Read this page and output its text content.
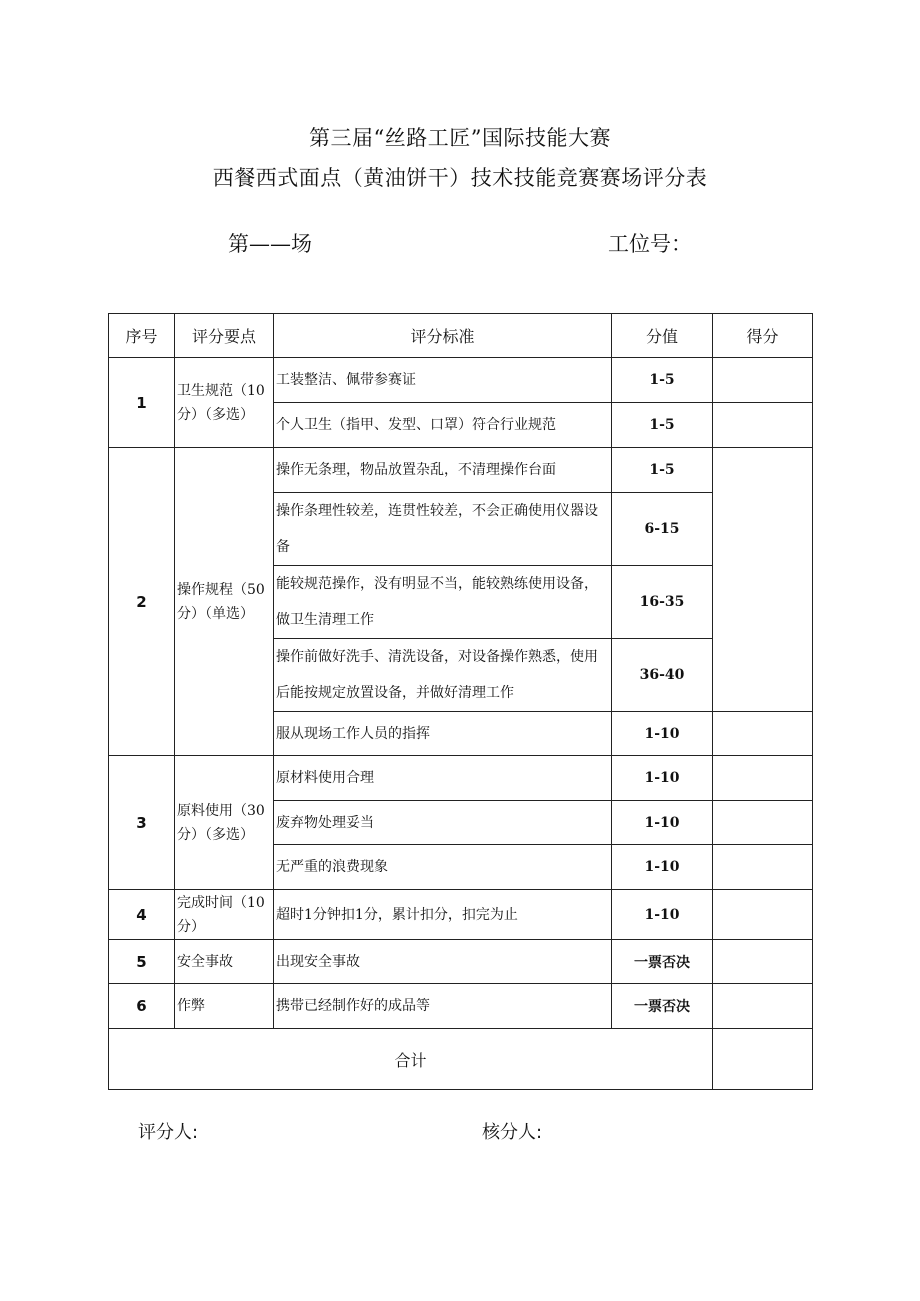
第三届“丝路工匠”国际技能大赛
西餐西式面点（黄油饼干）技术技能竞赛赛场评分表
第——场	工位号：
序号	评分要点	评分标准	分值	得分
1	卫生规范（10分）（多选）	工装整洁、佩带参赛证	1-5	
		个人卫生（指甲、发型、口罩）符合行业规范	1-5	
2	操作规程（50分）（单选）	操作无条理，物品放置杂乱，不清理操作台面	1-5	
		操作条理性较差，连贯性较差，不会正确使用仪器设备	6-15	
		能较规范操作，没有明显不当，能较熟练使用设备，做卫生清理工作	16-35	
		操作前做好洗手、清洗设备，对设备操作熟悉，使用后能按规定放置设备，并做好清理工作	36-40	
		服从现场工作人员的指挥	1-10	
3	原料使用（30分）（多选）	原材料使用合理	1-10	
		废弃物处理妥当	1-10	
		无严重的浪费现象	1-10	
4	完成时间（10分）	超时1分钟扣1分，累计扣分，扣完为止	1-10	
5	安全事故	出现安全事故	一票否决	
6	作弊	携带已经制作好的成品等	一票否决	
合计				
评分人:	核分人:
